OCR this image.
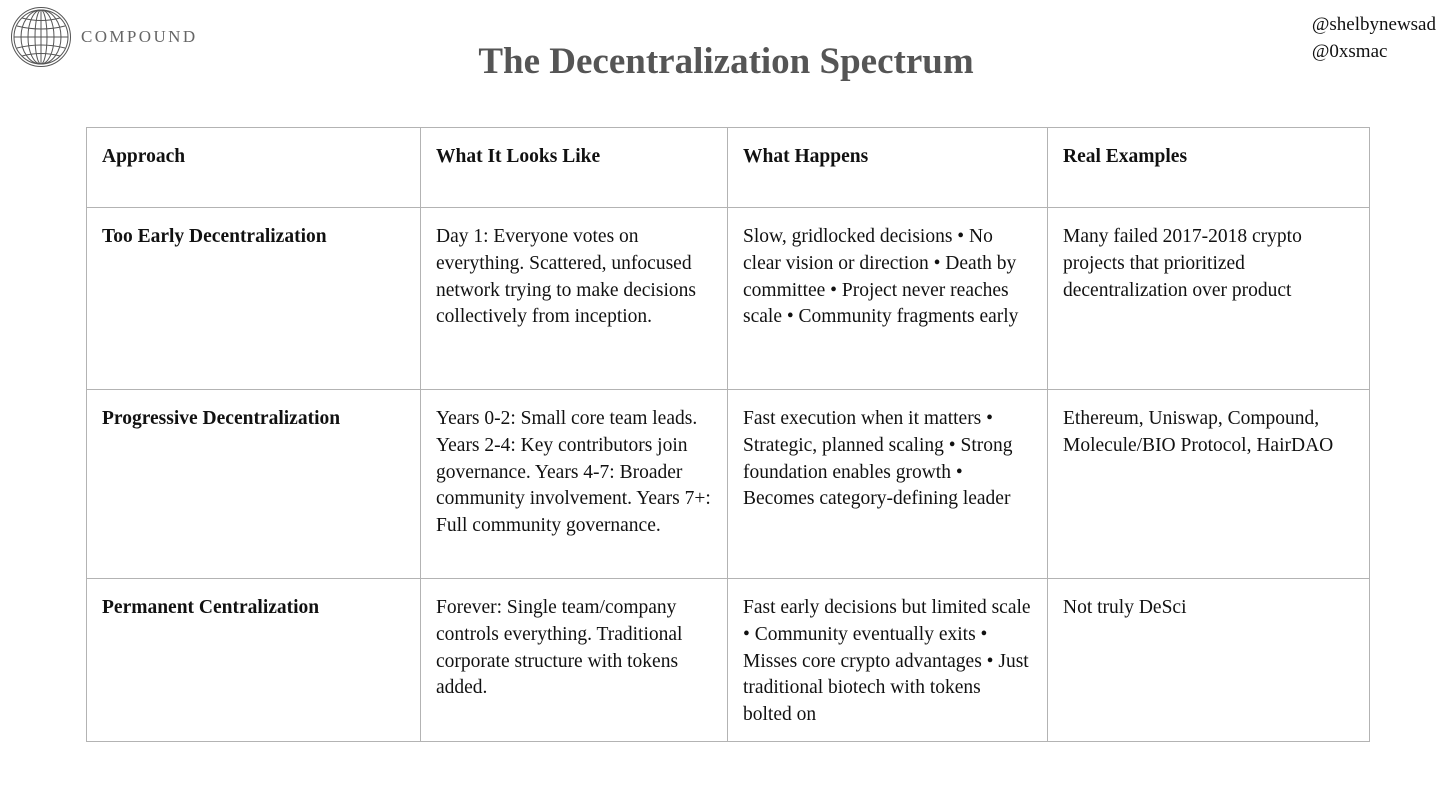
COMPOUND
@shelbynewsad
@0xsmac
The Decentralization Spectrum
Approach	What It Looks Like	What Happens	Real Examples
Too Early Decentralization	Day 1: Everyone votes on everything. Scattered, unfocused network trying to make decisions collectively from inception.	Slow, gridlocked decisions • No clear vision or direction • Death by committee • Project never reaches scale • Community fragments early	Many failed 2017-2018 crypto projects that prioritized decentralization over product
Progressive Decentralization	Years 0-2: Small core team leads. Years 2-4: Key contributors join governance. Years 4-7: Broader community involvement. Years 7+: Full community governance.	Fast execution when it matters • Strategic, planned scaling • Strong foundation enables growth • Becomes category-defining leader	Ethereum, Uniswap, Compound, Molecule/BIO Protocol, HairDAO
Permanent Centralization	Forever: Single team/company controls everything. Traditional corporate structure with tokens added.	Fast early decisions but limited scale • Community eventually exits • Misses core crypto advantages • Just traditional biotech with tokens bolted on	Not truly DeSci
